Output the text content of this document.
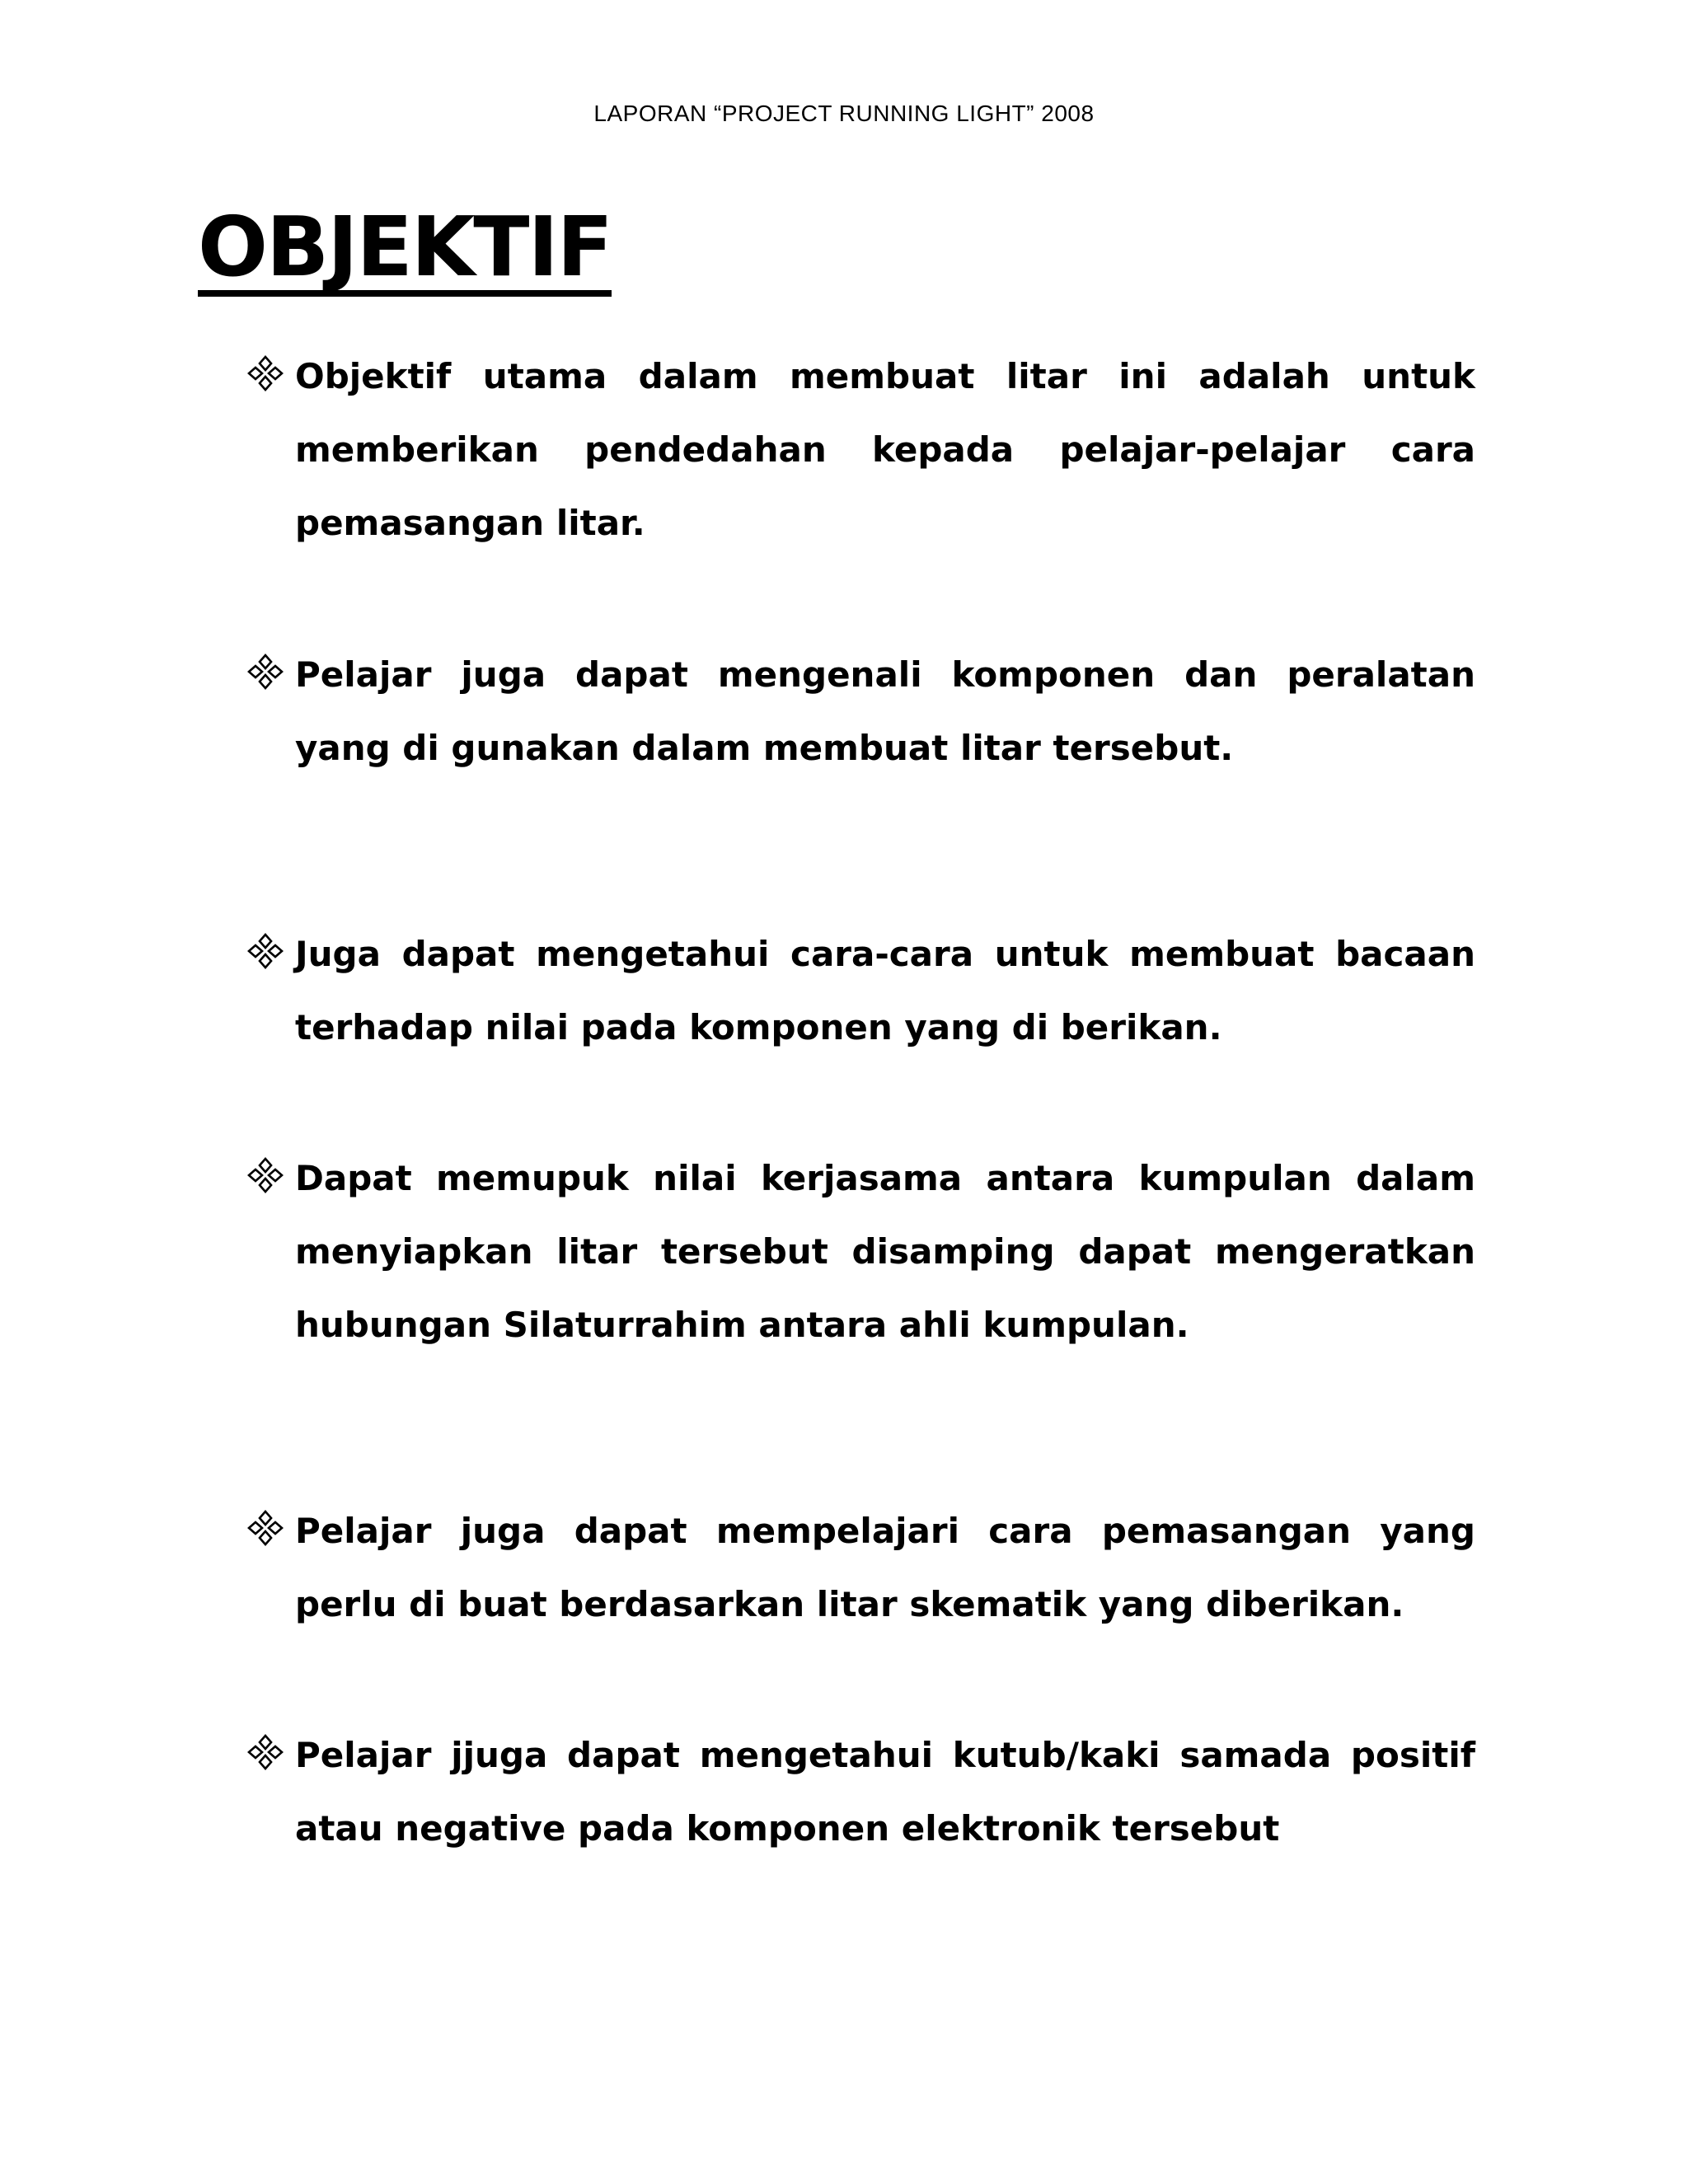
LAPORAN “PROJECT RUNNING LIGHT” 2008
OBJEKTIF
Objektif utama dalam membuat litar ini adalah untuk memberikan pendedahan kepada pelajar-pelajar cara pemasangan litar.
Pelajar juga dapat mengenali komponen dan peralatan yang di gunakan dalam membuat litar tersebut.
Juga dapat mengetahui cara-cara untuk membuat bacaan terhadap nilai pada komponen yang di berikan.
Dapat memupuk nilai kerjasama antara kumpulan dalam menyiapkan litar tersebut disamping dapat mengeratkan hubungan Silaturrahim antara ahli kumpulan.
Pelajar juga dapat mempelajari cara pemasangan yang perlu di buat berdasarkan litar skematik yang diberikan.
Pelajar jjuga dapat mengetahui kutub/kaki samada positif atau negative pada komponen elektronik tersebut
